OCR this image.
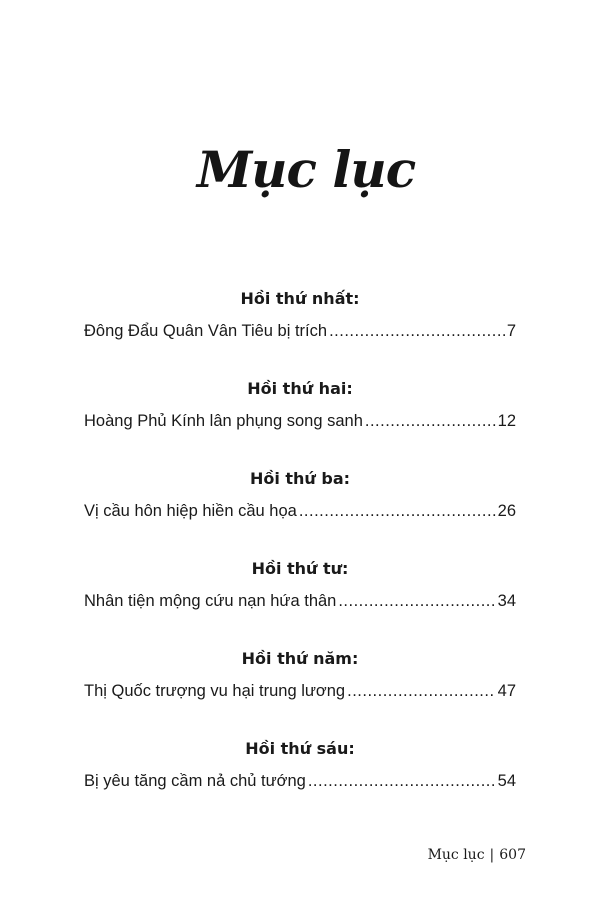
Mục lục
Hồi thứ nhất:
Đông Đẩu Quân Vân Tiêu bị trích .....	7
Hồi thứ hai:
Hoàng Phủ Kính lân phụng song sanh .....	12
Hồi thứ ba:
Vị cầu hôn hiệp hiền cầu họa .....	26
Hồi thứ tư:
Nhân tiện mộng cứu nạn hứa thân .....	34
Hồi thứ năm:
Thị Quốc trượng vu hại trung lương .....	47
Hồi thứ sáu:
Bị yêu tăng cầm nả chủ tướng .....	54
Mục lục | 607
